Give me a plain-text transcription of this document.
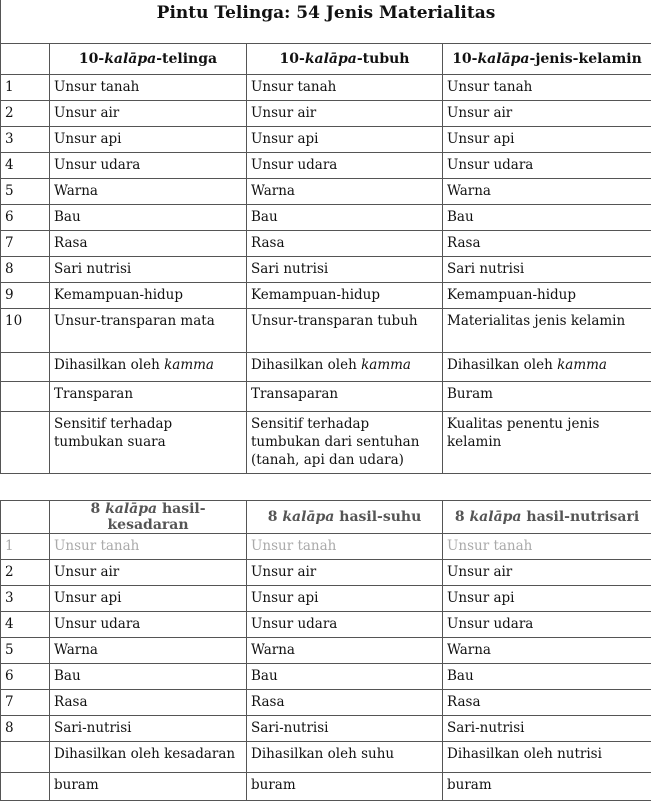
Pintu Telinga: 54 Jenis Materialitas
	10-kalāpa-telinga	10-kalāpa-tubuh	10-kalāpa-jenis-kelamin
1	Unsur tanah	Unsur tanah	Unsur tanah
2	Unsur air	Unsur air	Unsur air
3	Unsur api	Unsur api	Unsur api
4	Unsur udara	Unsur udara	Unsur udara
5	Warna	Warna	Warna
6	Bau	Bau	Bau
7	Rasa	Rasa	Rasa
8	Sari nutrisi	Sari nutrisi	Sari nutrisi
9	Kemampuan-hidup	Kemampuan-hidup	Kemampuan-hidup
10	Unsur-transparan mata	Unsur-transparan tubuh	Materialitas jenis kelamin
	Dihasilkan oleh kamma	Dihasilkan oleh kamma	Dihasilkan oleh kamma
	Transparan	Transaparan	Buram
	Sensitif terhadap tumbukan suara	Sensitif terhadap tumbukan dari sentuhan (tanah, api dan udara)	Kualitas penentu jenis kelamin
	8 kalāpa hasil-kesadaran	8 kalāpa hasil-suhu	8 kalāpa hasil-nutrisari
1	Unsur tanah	Unsur tanah	Unsur tanah
2	Unsur air	Unsur air	Unsur air
3	Unsur api	Unsur api	Unsur api
4	Unsur udara	Unsur udara	Unsur udara
5	Warna	Warna	Warna
6	Bau	Bau	Bau
7	Rasa	Rasa	Rasa
8	Sari-nutrisi	Sari-nutrisi	Sari-nutrisi
	Dihasilkan oleh kesadaran	Dihasilkan oleh suhu	Dihasilkan oleh nutrisi
	buram	buram	buram
